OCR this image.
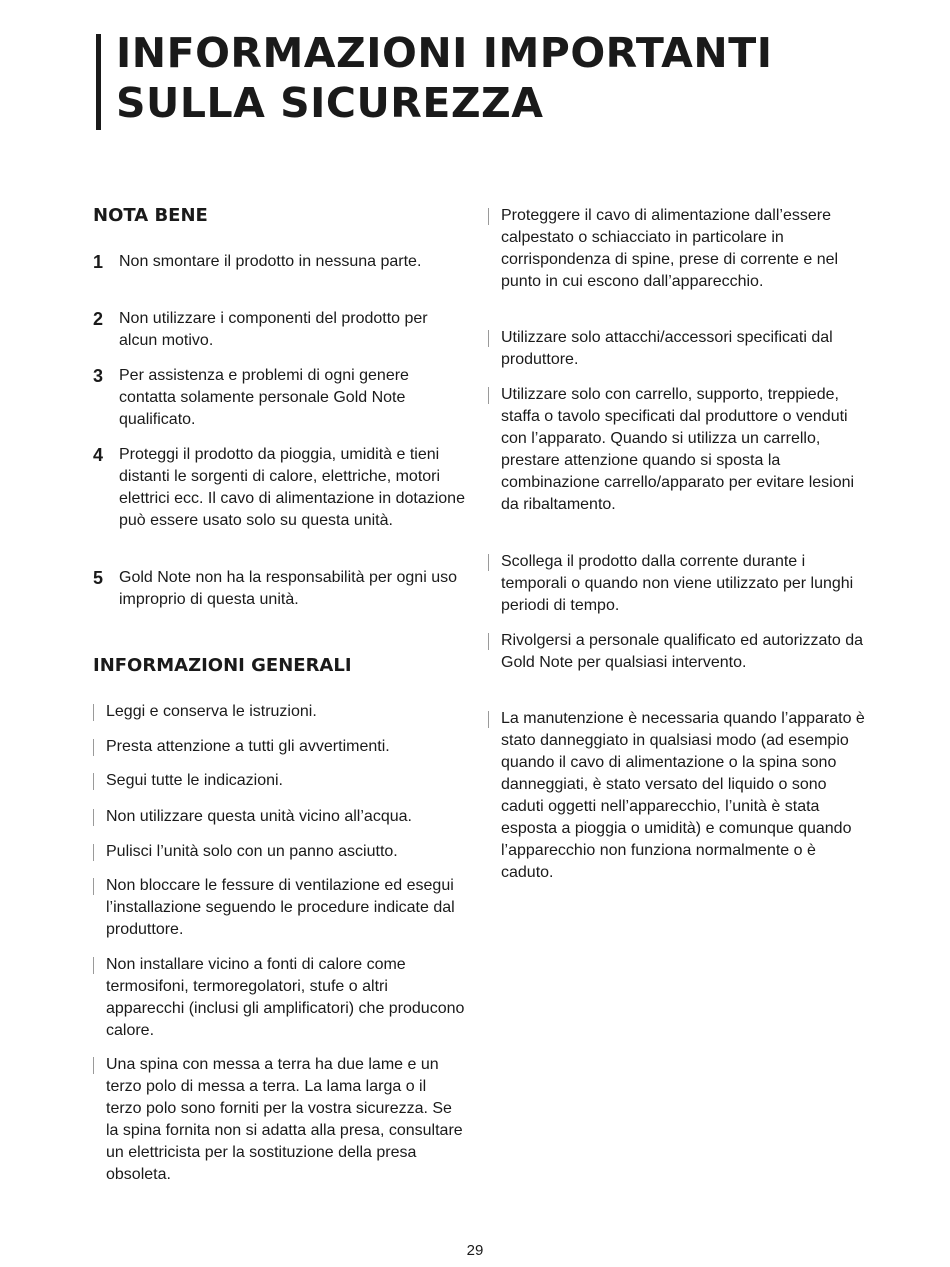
INFORMAZIONI IMPORTANTI
SULLA SICUREZZA
NOTA BENE
1 Non smontare il prodotto in nessuna parte.
2 Non utilizzare i componenti del prodotto per alcun motivo.
3 Per assistenza e problemi di ogni genere contatta solamente personale Gold Note qualificato.
4 Proteggi il prodotto da pioggia, umidità e tieni distanti le sorgenti di calore, elettriche, motori elettrici ecc. Il cavo di alimentazione in dotazione può essere usato solo su questa unità.
5 Gold Note non ha la responsabilità per ogni uso improprio di questa unità.
INFORMAZIONI GENERALI
Leggi e conserva le istruzioni.
Presta attenzione a tutti gli avvertimenti.
Segui tutte le indicazioni.
Non utilizzare questa unità vicino all’acqua.
Pulisci l’unità solo con un panno asciutto.
Non bloccare le fessure di ventilazione ed esegui l’installazione seguendo le procedure indicate dal produttore.
Non installare vicino a fonti di calore come termosifoni, termoregolatori, stufe o altri apparecchi (inclusi gli amplificatori) che producono calore.
Una spina con messa a terra ha due lame e un terzo polo di messa a terra. La lama larga o il terzo polo sono forniti per la vostra sicurezza. Se la spina fornita non si adatta alla presa, consultare un elettricista per la sostituzione della presa obsoleta.
Proteggere il cavo di alimentazione dall’essere calpestato o schiacciato in particolare in corrispondenza di spine, prese di corrente e nel punto in cui escono dall’apparecchio.
Utilizzare solo attacchi/accessori specificati dal produttore.
Utilizzare solo con carrello, supporto, treppiede, staffa o tavolo specificati dal produttore o venduti con l’apparato. Quando si utilizza un carrello, prestare attenzione quando si sposta la combinazione carrello/apparato per evitare lesioni da ribaltamento.
Scollega il prodotto dalla corrente durante i temporali o quando non viene utilizzato per lunghi periodi di tempo.
Rivolgersi a personale qualificato ed autorizzato da Gold Note per qualsiasi intervento.
La manutenzione è necessaria quando l’apparato è stato danneggiato in qualsiasi modo (ad esempio quando il cavo di alimentazione o la spina sono danneggiati, è stato versato del liquido o sono caduti oggetti nell’apparecchio, l’unità è stata esposta a pioggia o umidità) e comunque quando l’apparecchio non funziona normalmente o è caduto.
29
